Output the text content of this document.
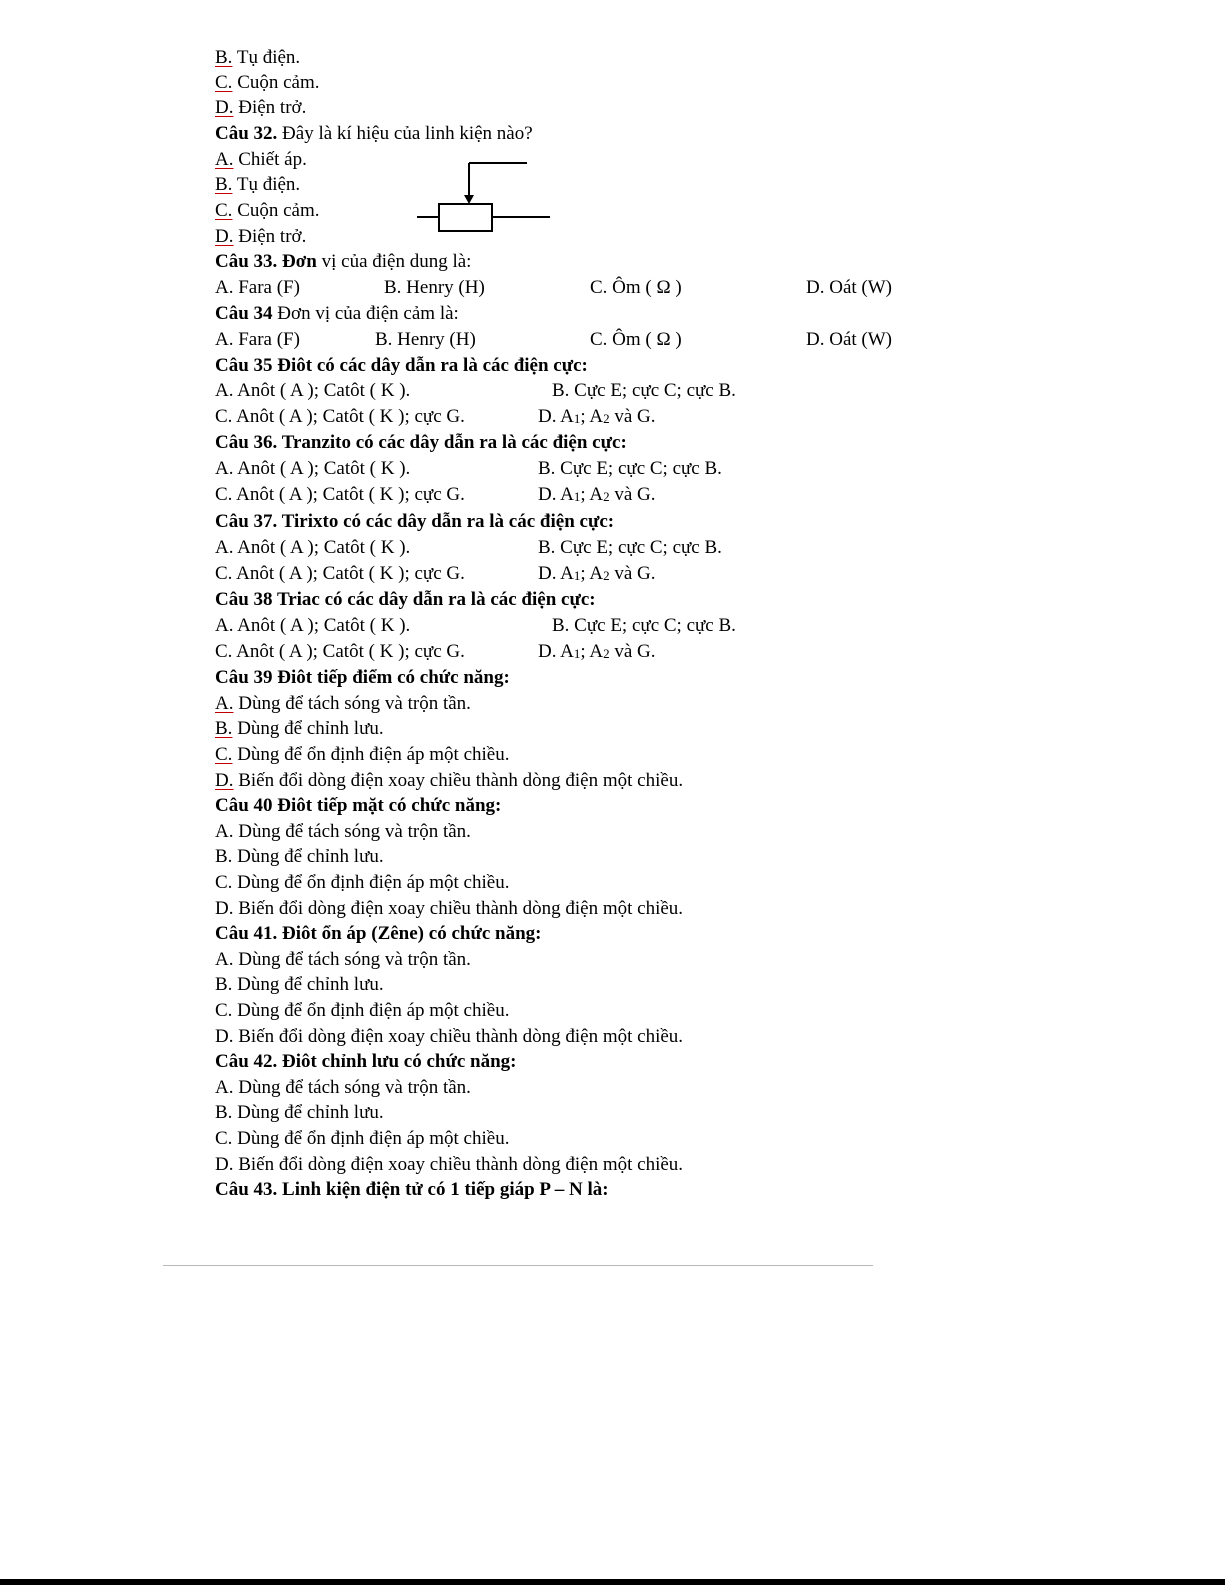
B. Tụ điện.
C. Cuộn cảm.
D. Điện trở.
Câu 32. Đây là kí hiệu của linh kiện nào?
A. Chiết áp.
B. Tụ điện.
C. Cuộn cảm.
D. Điện trở.
Câu 33. Đơn vị của điện dung là:
A. Fara (F)	B. Henry (H)	C. Ôm ( Ω )	D. Oát (W)
Câu 34 Đơn vị của điện cảm là:
A. Fara (F)	B. Henry (H)	C. Ôm ( Ω )	D. Oát (W)
Câu 35 Điôt có các dây dẫn ra là các điện cực:
A. Anôt ( A ); Catôt ( K ).	B. Cực E; cực C; cực B.
C. Anôt ( A ); Catôt ( K ); cực G.	D. A1; A2 và G.
Câu 36. Tranzito có các dây dẫn ra là các điện cực:
A. Anôt ( A ); Catôt ( K ).	B. Cực E; cực C; cực B.
C. Anôt ( A ); Catôt ( K ); cực G.	D. A1; A2 và G.
Câu 37. Tirixto có các dây dẫn ra là các điện cực:
A. Anôt ( A ); Catôt ( K ).	B. Cực E; cực C; cực B.
C. Anôt ( A ); Catôt ( K ); cực G.	D. A1; A2 và G.
Câu 38 Triac có các dây dẫn ra là các điện cực:
A. Anôt ( A ); Catôt ( K ).	B. Cực E; cực C; cực B.
C. Anôt ( A ); Catôt ( K ); cực G.	D. A1; A2 và G.
Câu 39 Điôt tiếp điểm có chức năng:
A. Dùng để tách sóng và trộn tần.
B. Dùng để chỉnh lưu.
C. Dùng để ổn định điện áp một chiều.
D. Biến đổi dòng điện xoay chiều thành dòng điện một chiều.
Câu 40 Điôt tiếp mặt có chức năng:
A. Dùng để tách sóng và trộn tần.
B. Dùng để chỉnh lưu.
C. Dùng để ổn định điện áp một chiều.
D. Biến đổi dòng điện xoay chiều thành dòng điện một chiều.
Câu 41. Điôt ổn áp (Zêne) có chức năng:
A. Dùng để tách sóng và trộn tần.
B. Dùng để chỉnh lưu.
C. Dùng để ổn định điện áp một chiều.
D. Biến đổi dòng điện xoay chiều thành dòng điện một chiều.
Câu 42. Điôt chỉnh lưu có chức năng:
A. Dùng để tách sóng và trộn tần.
B. Dùng để chỉnh lưu.
C. Dùng để ổn định điện áp một chiều.
D. Biến đổi dòng điện xoay chiều thành dòng điện một chiều.
Câu 43. Linh kiện điện tử có 1 tiếp giáp P – N là:
